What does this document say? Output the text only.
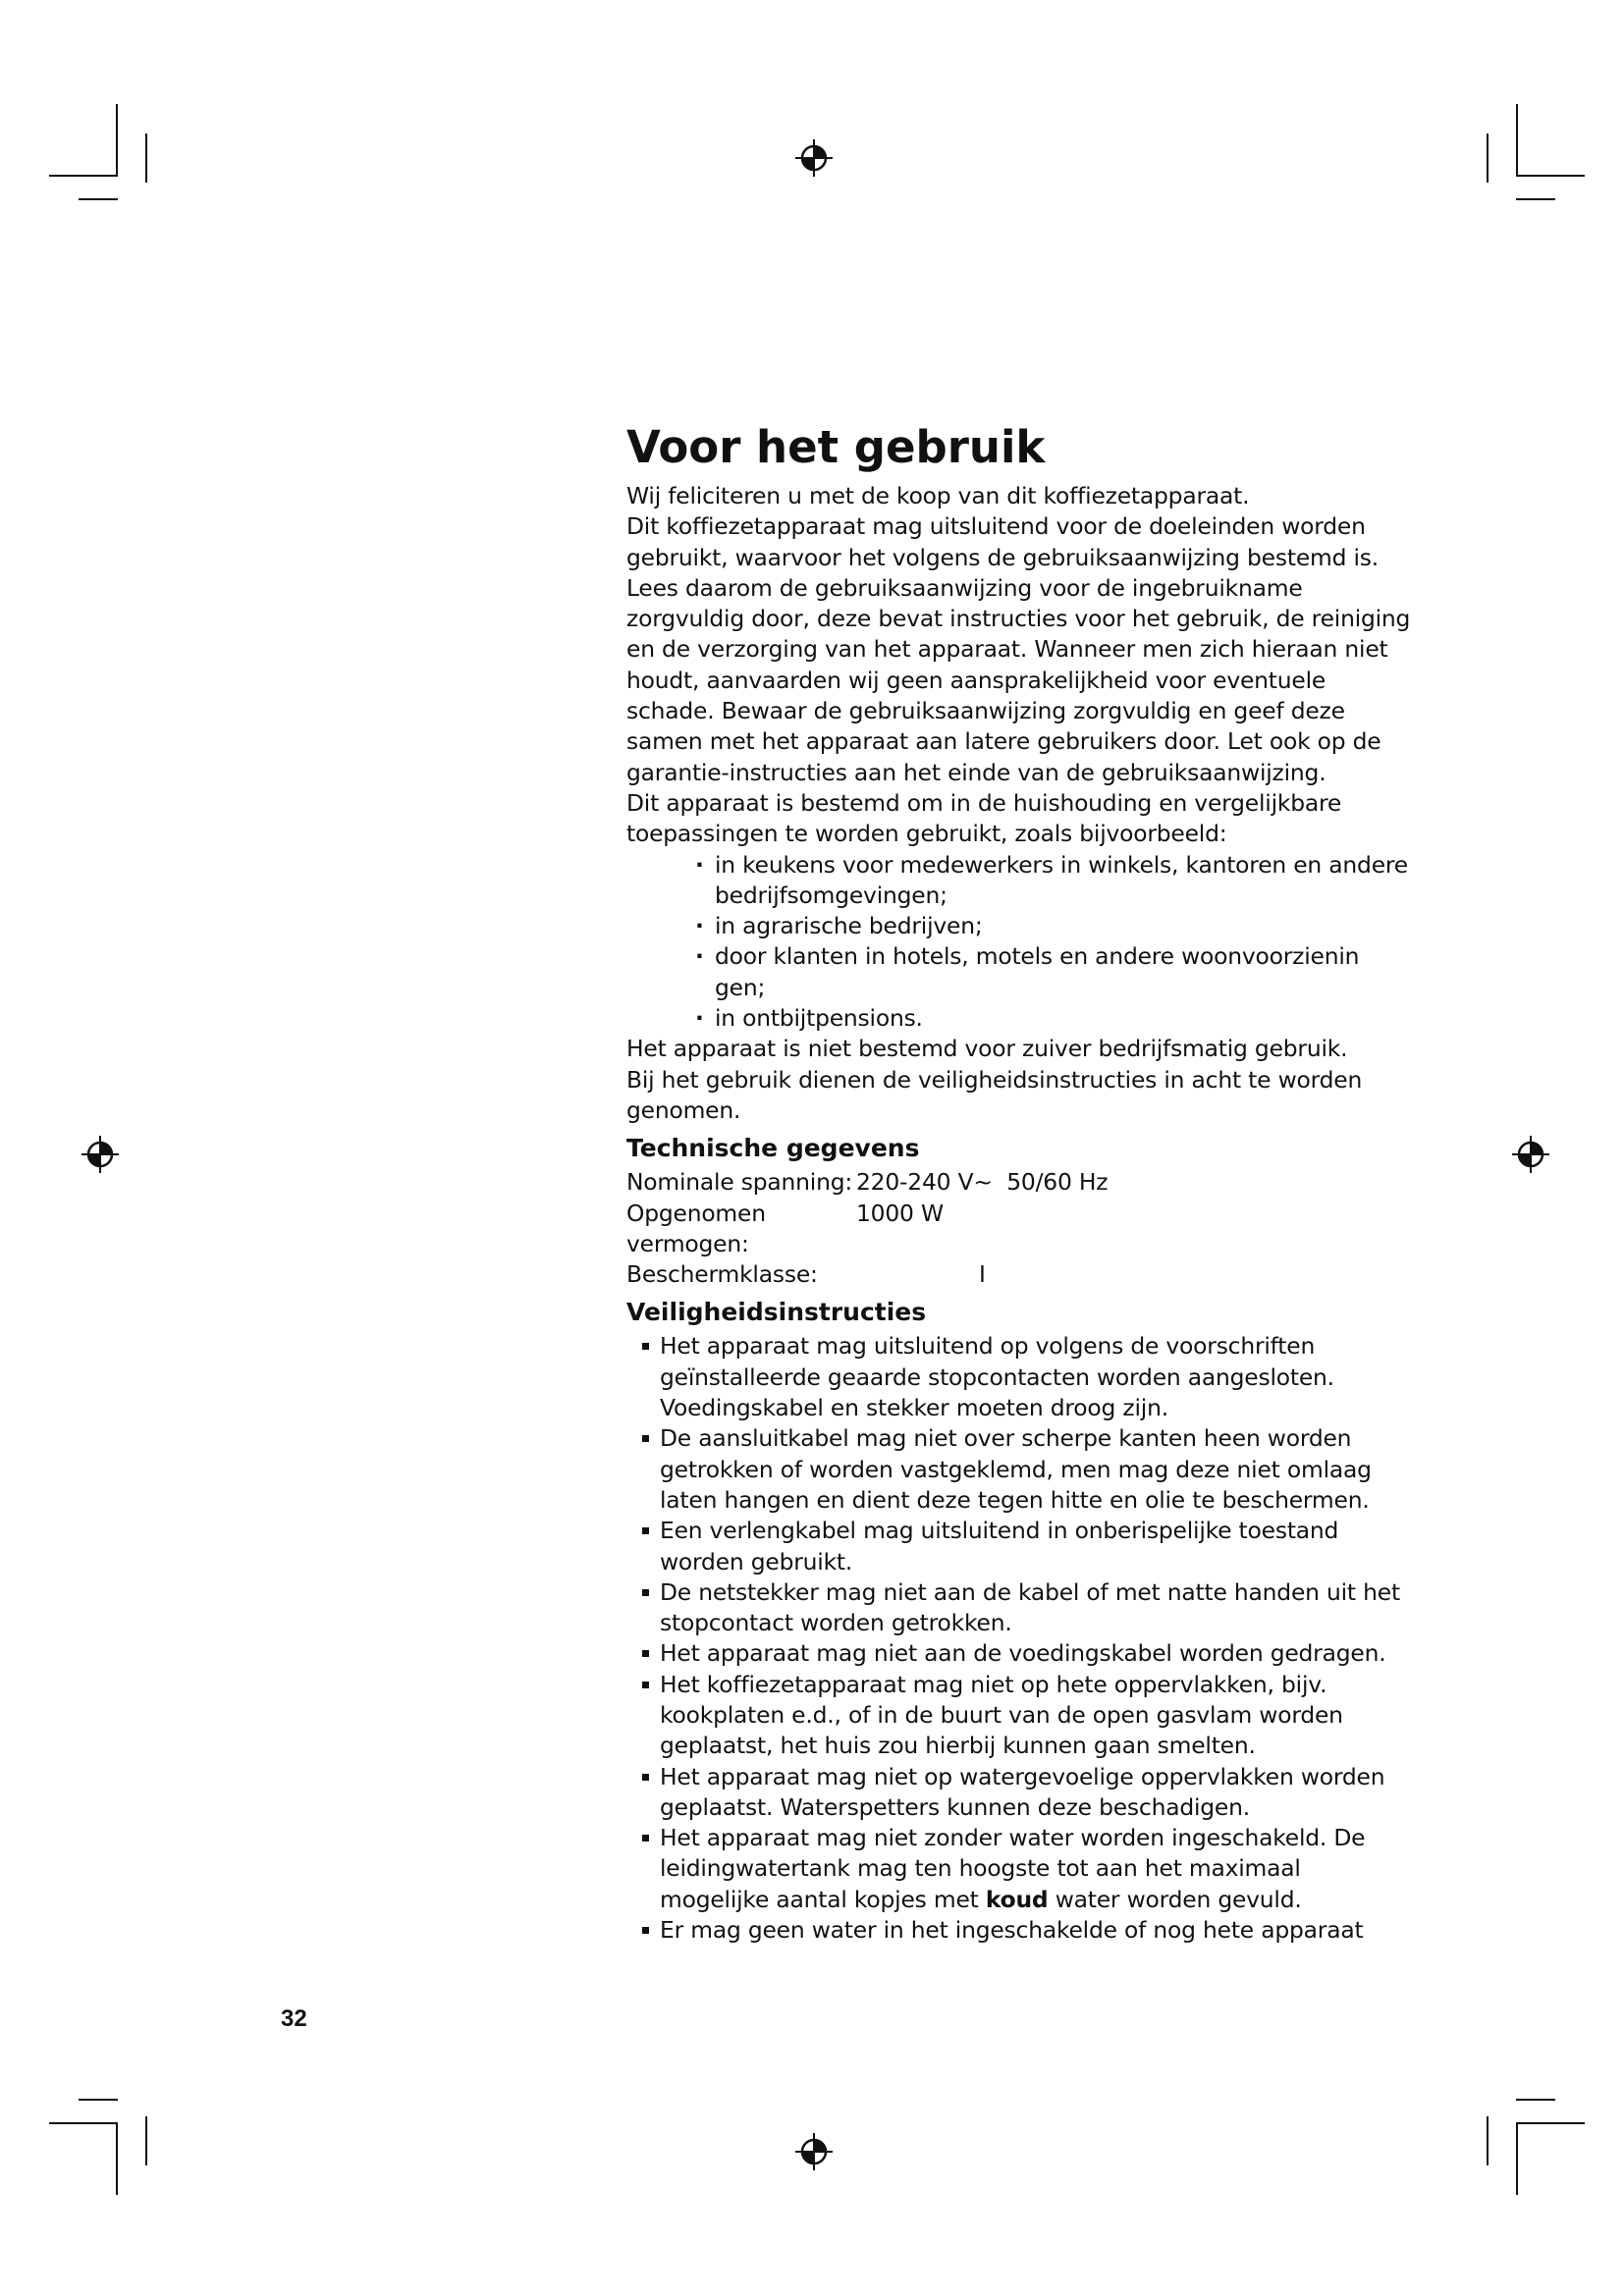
Voor het gebruik

Wij feliciteren u met de koop van dit koffiezetapparaat.

Dit koffiezetapparaat mag uitsluitend voor de doeleinden worden gebruikt, waarvoor het volgens de gebruiksaanwijzing bestemd is. Lees daarom de gebruiksaanwijzing voor de ingebruikname zorgvuldig door, deze bevat instructies voor het gebruik, de reiniging en de verzorging van het apparaat. Wanneer men zich hieraan niet houdt, aanvaarden wij geen aansprakelijkheid voor eventuele schade. Bewaar de gebruiksaanwijzing zorgvuldig en geef deze samen met het apparaat aan latere gebruikers door. Let ook op de garantie-instructies aan het einde van de gebruiksaanwijzing.

Dit apparaat is bestemd om in de huishouding en vergelijkbare toepassingen te worden gebruikt, zoals bijvoorbeeld:

· in keukens voor medewerkers in winkels, kantoren en andere bedrijfsomgevingen;
· in agrarische bedrijven;
· door klanten in hotels, motels en andere woonvoorzienin gen;
· in ontbijtpensions.

Het apparaat is niet bestemd voor zuiver bedrijfsmatig gebruik.

Bij het gebruik dienen de veiligheidsinstructies in acht te worden genomen.

Technische gegevens
Nominale spanning:	220-240 V~  50/60 Hz
Opgenomen vermogen:	1000 W
Beschermklasse:	I
Veiligheidsinstructies
Het apparaat mag uitsluitend op volgens de voorschriften geïnstalleerde geaarde stopcontacten worden aangesloten. Voedingskabel en stekker moeten droog zijn.
De aansluitkabel mag niet over scherpe kanten heen worden getrokken of worden vastgeklemd, men mag deze niet omlaag laten hangen en dient deze tegen hitte en olie te beschermen.
Een verlengkabel mag uitsluitend in onberispelijke toestand worden gebruikt.
De netstekker mag niet aan de kabel of met natte handen uit het stopcontact worden getrokken.
Het apparaat mag niet aan de voedingskabel worden gedragen.
Het koffiezetapparaat mag niet op hete oppervlakken, bijv. kookplaten e.d., of in de buurt van de open gasvlam worden geplaatst, het huis zou hierbij kunnen gaan smelten.
Het apparaat mag niet op watergevoelige oppervlakken worden geplaatst. Waterspetters kunnen deze beschadigen.
Het apparaat mag niet zonder water worden ingeschakeld. De leidingwatertank mag ten hoogste tot aan het maximaal mogelijke aantal kopjes met koud water worden gevuld.
Er mag geen water in het ingeschakelde of nog hete apparaat
32
